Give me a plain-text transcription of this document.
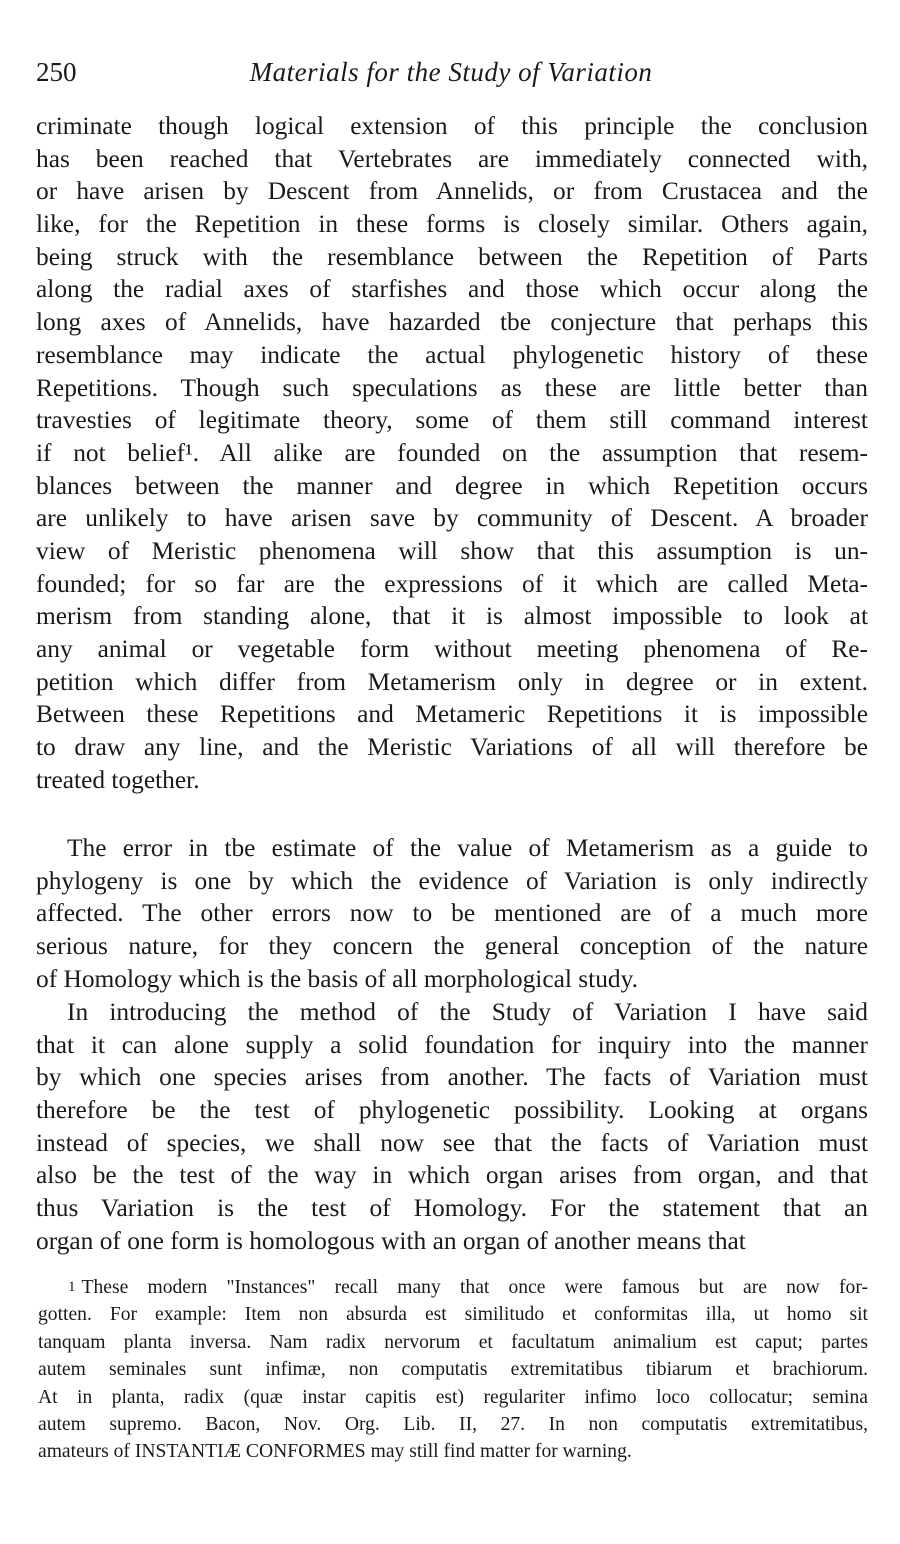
250	Materials for the Study of Variation
criminate though logical extension of this principle the conclusion
has been reached that Vertebrates are immediately connected with,
or have arisen by Descent from Annelids, or from Crustacea and the
like, for the Repetition in these forms is closely similar. Others again,
being struck with the resemblance between the Repetition of Parts
along the radial axes of starfishes and those which occur along the
long axes of Annelids, have hazarded tbe conjecture that perhaps this
resemblance may indicate the actual phylogenetic history of these
Repetitions. Though such speculations as these are little better than
travesties of legitimate theory, some of them still command interest
if not belief¹. All alike are founded on the assumption that resem-
blances between the manner and degree in which Repetition occurs
are unlikely to have arisen save by community of Descent. A broader
view of Meristic phenomena will show that this assumption is un-
founded; for so far are the expressions of it which are called Meta-
merism from standing alone, that it is almost impossible to look at
any animal or vegetable form without meeting phenomena of Re-
petition which differ from Metamerism only in degree or in extent.
Between these Repetitions and Metameric Repetitions it is impossible
to draw any line, and the Meristic Variations of all will therefore be
treated together.
The error in tbe estimate of the value of Metamerism as a guide to
phylogeny is one by which the evidence of Variation is only indirectly
affected. The other errors now to be mentioned are of a much more
serious nature, for they concern the general conception of the nature
of Homology which is the basis of all morphological study.
In introducing the method of the Study of Variation I have said
that it can alone supply a solid foundation for inquiry into the manner
by which one species arises from another. The facts of Variation must
therefore be the test of phylogenetic possibility. Looking at organs
instead of species, we shall now see that the facts of Variation must
also be the test of the way in which organ arises from organ, and that
thus Variation is the test of Homology. For the statement that an
organ of one form is homologous with an organ of another means that
1 These modern "Instances" recall many that once were famous but are now for-
gotten. For example: Item non absurda est similitudo et conformitas illa, ut homo sit
tanquam planta inversa. Nam radix nervorum et facultatum animalium est caput; partes
autem seminales sunt infimæ, non computatis extremitatibus tibiarum et brachiorum.
At in planta, radix (quæ instar capitis est) regulariter infimo loco collocatur; semina
autem supremo. Bacon, Nov. Org. Lib. II, 27. In non computatis extremitatibus,
amateurs of INSTANTIÆ CONFORMES may still find matter for warning.
